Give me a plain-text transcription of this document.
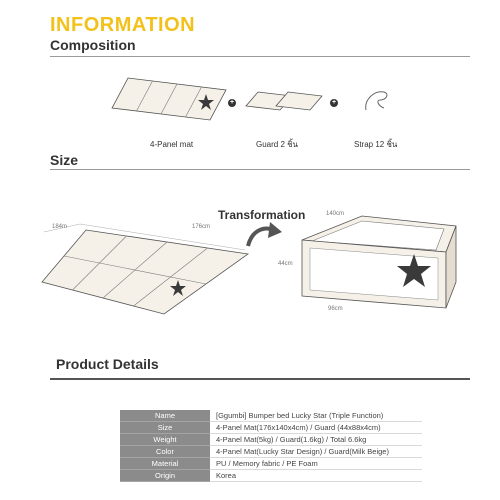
INFORMATION
Composition
+	+
4-Panel mat	Guard 2 ชิ้น	Strap 12 ชิ้น
Size
184m	176cm
Transformation	140cm
44cm
96cm
Product Details
Name	[Ggumbi] Bumper bed Lucky Star (Triple Function)
Size	4-Panel Mat(176x140x4cm) / Guard (44x88x4cm)
Weight	4-Panel Mat(5kg) / Guard(1.6kg) / Total 6.6kg
Color	4-Panel Mat(Lucky Star Design) / Guard(Milk Beige)
Material	PU / Memory fabric / PE Foam
Origin	Korea
